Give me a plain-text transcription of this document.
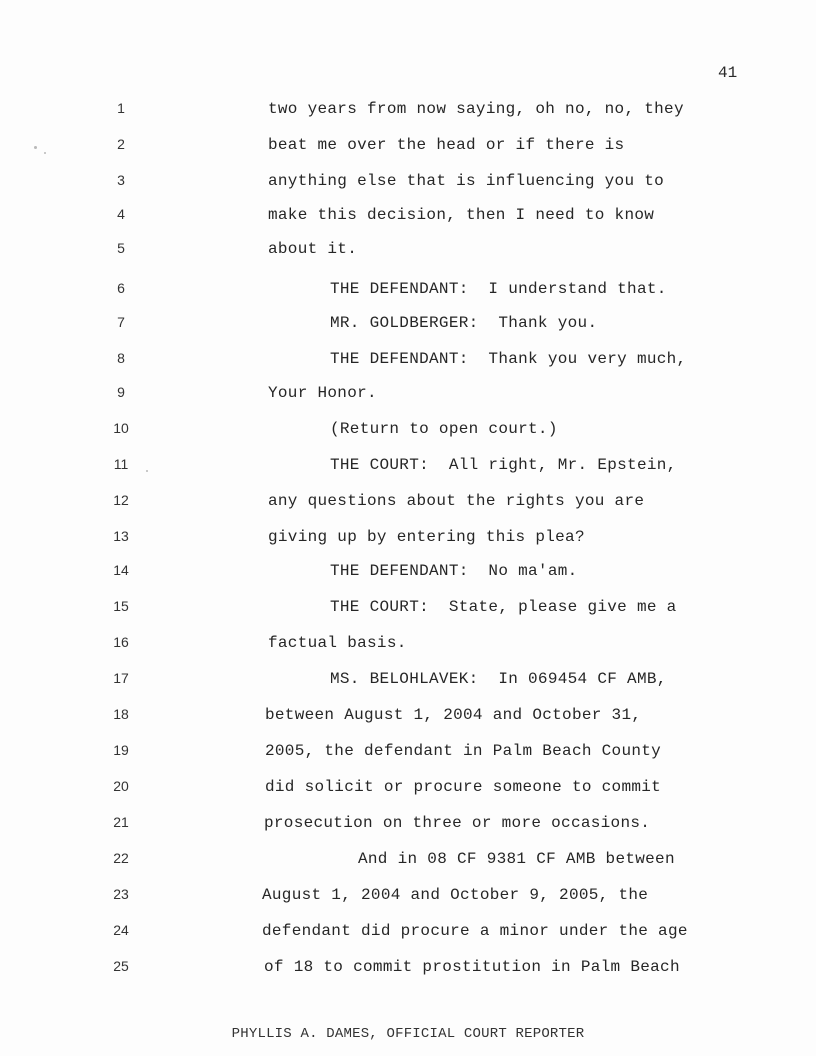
41
1	two years from now saying, oh no, no, they
2	beat me over the head or if there is
3	anything else that is influencing you to
4	make this decision, then I need to know
5	about it.
6	THE DEFENDANT:  I understand that.
7	MR. GOLDBERGER:  Thank you.
8	THE DEFENDANT:  Thank you very much,
9	Your Honor.
10	(Return to open court.)
11	THE COURT:  All right, Mr. Epstein,
12	any questions about the rights you are
13	giving up by entering this plea?
14	THE DEFENDANT:  No ma'am.
15	THE COURT:  State, please give me a
16	factual basis.
17	MS. BELOHLAVEK:  In 069454 CF AMB,
18	between August 1, 2004 and October 31,
19	2005, the defendant in Palm Beach County
20	did solicit or procure someone to commit
21	prosecution on three or more occasions.
22	And in 08 CF 9381 CF AMB between
23	August 1, 2004 and October 9, 2005, the
24	defendant did procure a minor under the age
25	of 18 to commit prostitution in Palm Beach
PHYLLIS A. DAMES, OFFICIAL COURT REPORTER
